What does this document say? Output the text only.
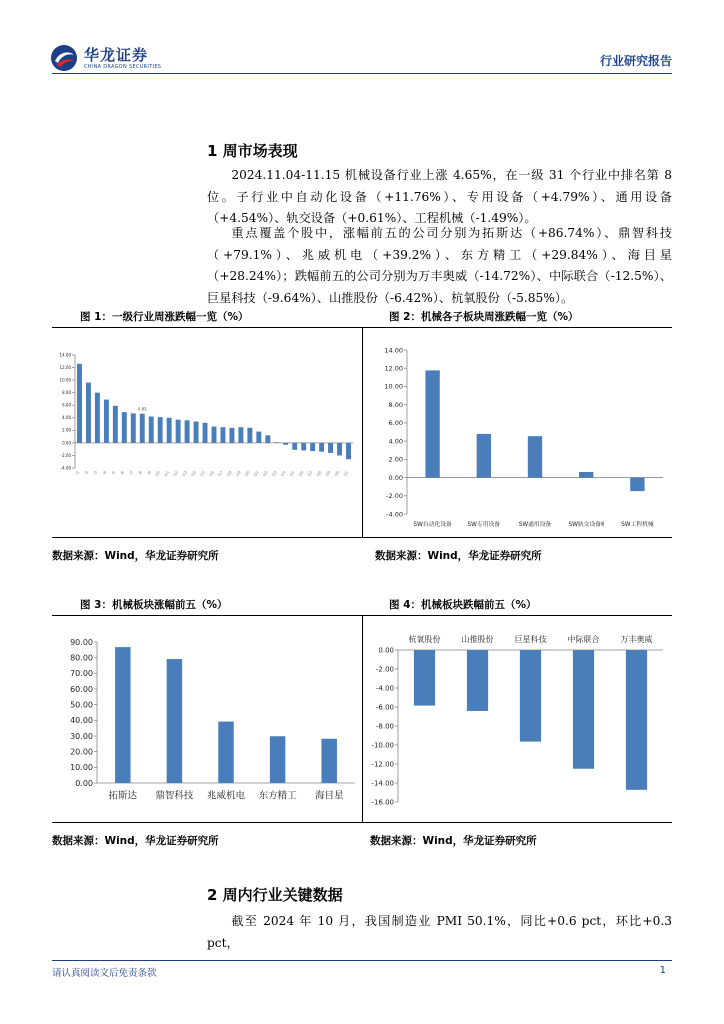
华龙证券
CHINA DRAGON SECURITIES	行业研究报告
1 周市场表现
2024.11.04-11.15 机械设备行业上涨 4.65%，在一级 31 个行业中排名第 8 位。子行业中自动化设备（+11.76%）、专用设备（+4.79%）、通用设备（+4.54%）、轨交设备（+0.61%）、工程机械（-1.49%）。
重点覆盖个股中，涨幅前五的公司分别为拓斯达（+86.74%）、鼎智科技（+79.1%）、兆威机电（+39.2%）、东方精工（+29.84%）、海目星（+28.24%）；跌幅前五的公司分别为万丰奥威（-14.72%）、中际联合（-12.5%）、巨星科技（-9.64%）、山推股份（-6.42%）、杭氧股份（-5.85%）。
图 1：一级行业周涨跌幅一览（%）	图 2：机械各子板块周涨跌幅一览（%）
14.00
12.00
10.00
8.00
6.00
4.00
2.00
0.00
-2.00
-4.00
I1 I2 I3 I4 I5 I6 I7 I8 I9 I10 I11 I12 I13 I14 I15 I16 I17 I18 I19 I20 I21 I22 I23 I24 I25 I26 I27 I28 I29 I30 I31
4.65
14.00
12.00
10.00
8.00
6.00
4.00
2.00
0.00
-2.00
-4.00
SW自动化设备	SW专用设备	SW通用设备	SW轨交设备Ⅱ	SW工程机械
数据来源：Wind，华龙证券研究所	数据来源：Wind，华龙证券研究所
图 3：机械板块涨幅前五（%）	图 4：机械板块跌幅前五（%）
90.00
80.00
70.00
60.00
50.00
40.00
30.00
20.00
10.00
0.00
拓斯达 鼎智科技 兆威机电 东方精工 海目星
0.00
-2.00
-4.00
-6.00
-8.00
-10.00
-12.00
-14.00
-16.00
杭氧股份	山推股份	巨星科技	中际联合	万丰奥威
数据来源：Wind，华龙证券研究所	数据来源：Wind，华龙证券研究所
2 周内行业关键数据
截至 2024 年 10 月，我国制造业 PMI 50.1%，同比+0.6 pct，环比+0.3 pct，
请认真阅读文后免责条款	1
